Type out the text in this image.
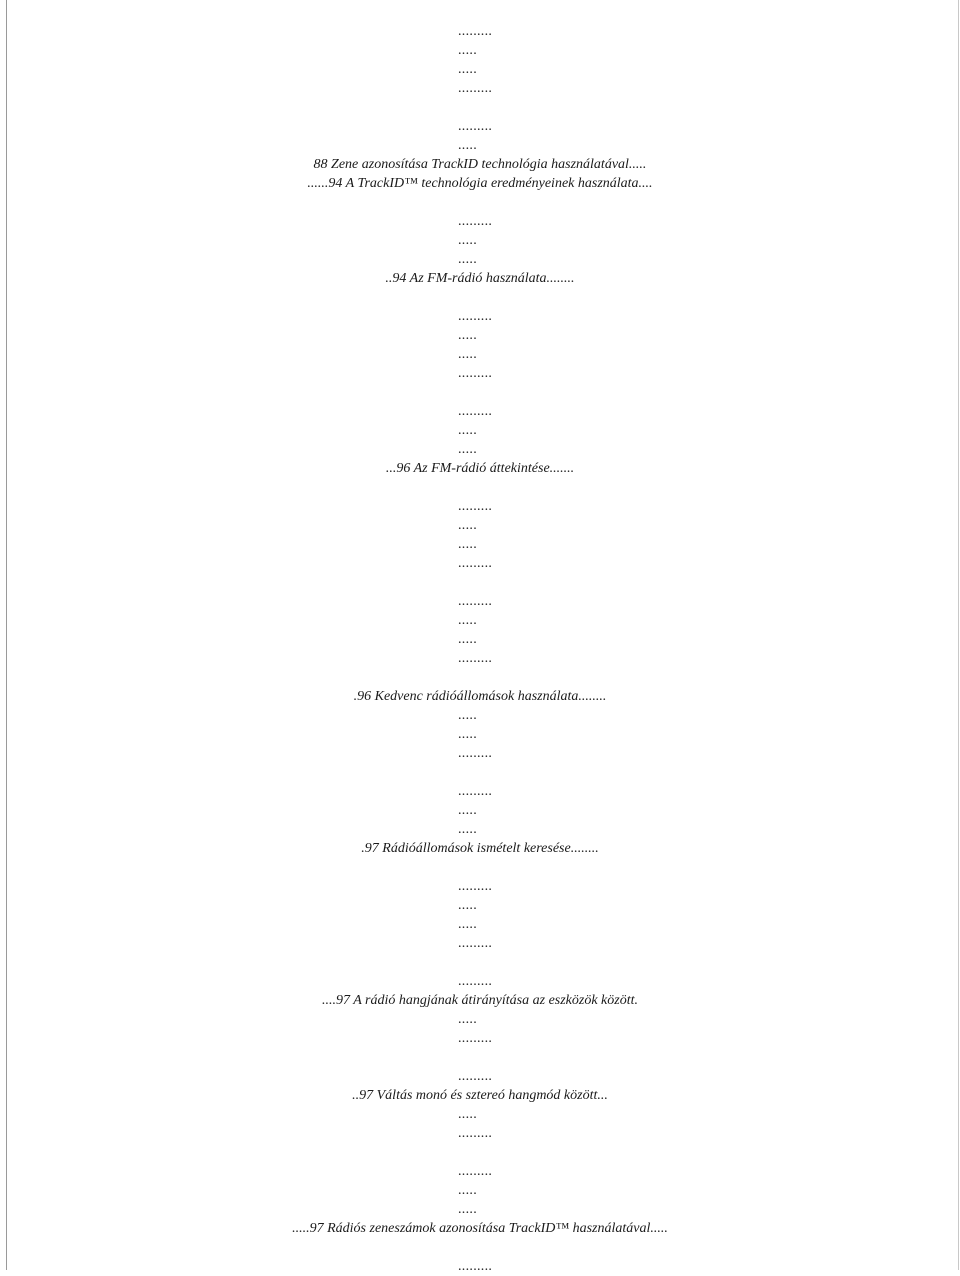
.........
.....
.....
.........
.........
.....
88 Zene azonosítása TrackID technológia használatával.....
......94 A TrackID™ technológia eredményeinek használata....
.........
.....
.....
..94 Az FM-rádió használata........
.........
.....
.....
.........
.........
.....
.....
...96 Az FM-rádió áttekintése.......
.........
.....
.....
.........
.........
.....
.....
.........
.96 Kedvenc rádióállomások használata........
.....
.....
.........
.........
.....
.....
.97 Rádióállomások ismételt keresése........
.........
.....
.....
.........
.........
....97 A rádió hangjának átirányítása az eszközök között.
.....
.........
.........
..97 Váltás monó és sztereó hangmód között...
.....
.........
.........
.....
.....
.....97 Rádiós zeneszámok azonosítása TrackID™ használatával.....
.........
